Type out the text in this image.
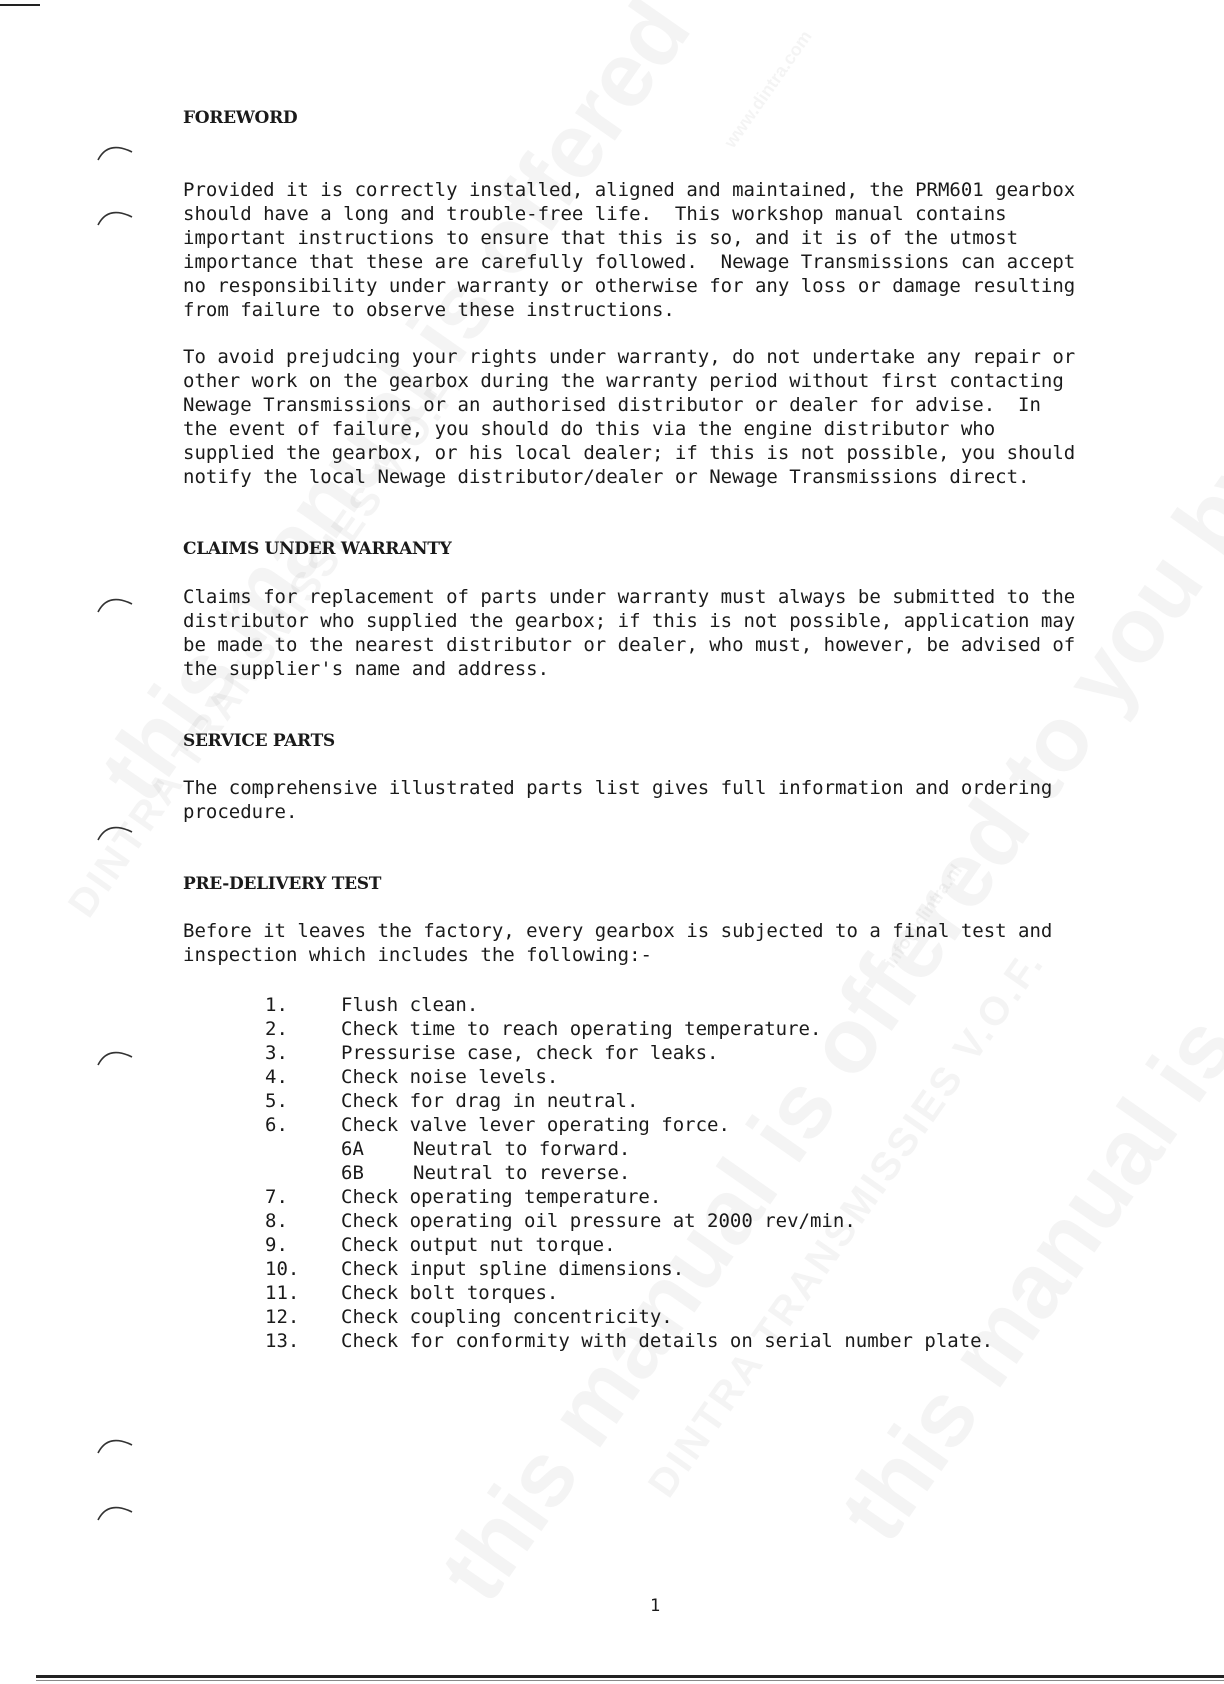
FOREWORD

Provided it is correctly installed, aligned and maintained, the PRM601 gearbox
should have a long and trouble-free life.  This workshop manual contains
important instructions to ensure that this is so, and it is of the utmost
importance that these are carefully followed.  Newage Transmissions can accept
no responsibility under warranty or otherwise for any loss or damage resulting
from failure to observe these instructions.

To avoid prejudcing your rights under warranty, do not undertake any repair or
other work on the gearbox during the warranty period without first contacting
Newage Transmissions or an authorised distributor or dealer for advise.  In
the event of failure, you should do this via the engine distributor who
supplied the gearbox, or his local dealer; if this is not possible, you should
notify the local Newage distributor/dealer or Newage Transmissions direct.

CLAIMS UNDER WARRANTY

Claims for replacement of parts under warranty must always be submitted to the
distributor who supplied the gearbox; if this is not possible, application may
be made to the nearest distributor or dealer, who must, however, be advised of
the supplier's name and address.

SERVICE PARTS

The comprehensive illustrated parts list gives full information and ordering
procedure.

PRE-DELIVERY TEST

Before it leaves the factory, every gearbox is subjected to a final test and
inspection which includes the following:-

1.	Flush clean.
2.	Check time to reach operating temperature.
3.	Pressurise case, check for leaks.
4.	Check noise levels.
5.	Check for drag in neutral.
6.	Check valve lever operating force.
6A	Neutral to forward.
6B	Neutral to reverse.
7.	Check operating temperature.
8.	Check operating oil pressure at 2000 rev/min.
9.	Check output nut torque.
10.	Check input spline dimensions.
11.	Check bolt torques.
12.	Check coupling concentricity.
13.	Check for conformity with details on serial number plate.
1
